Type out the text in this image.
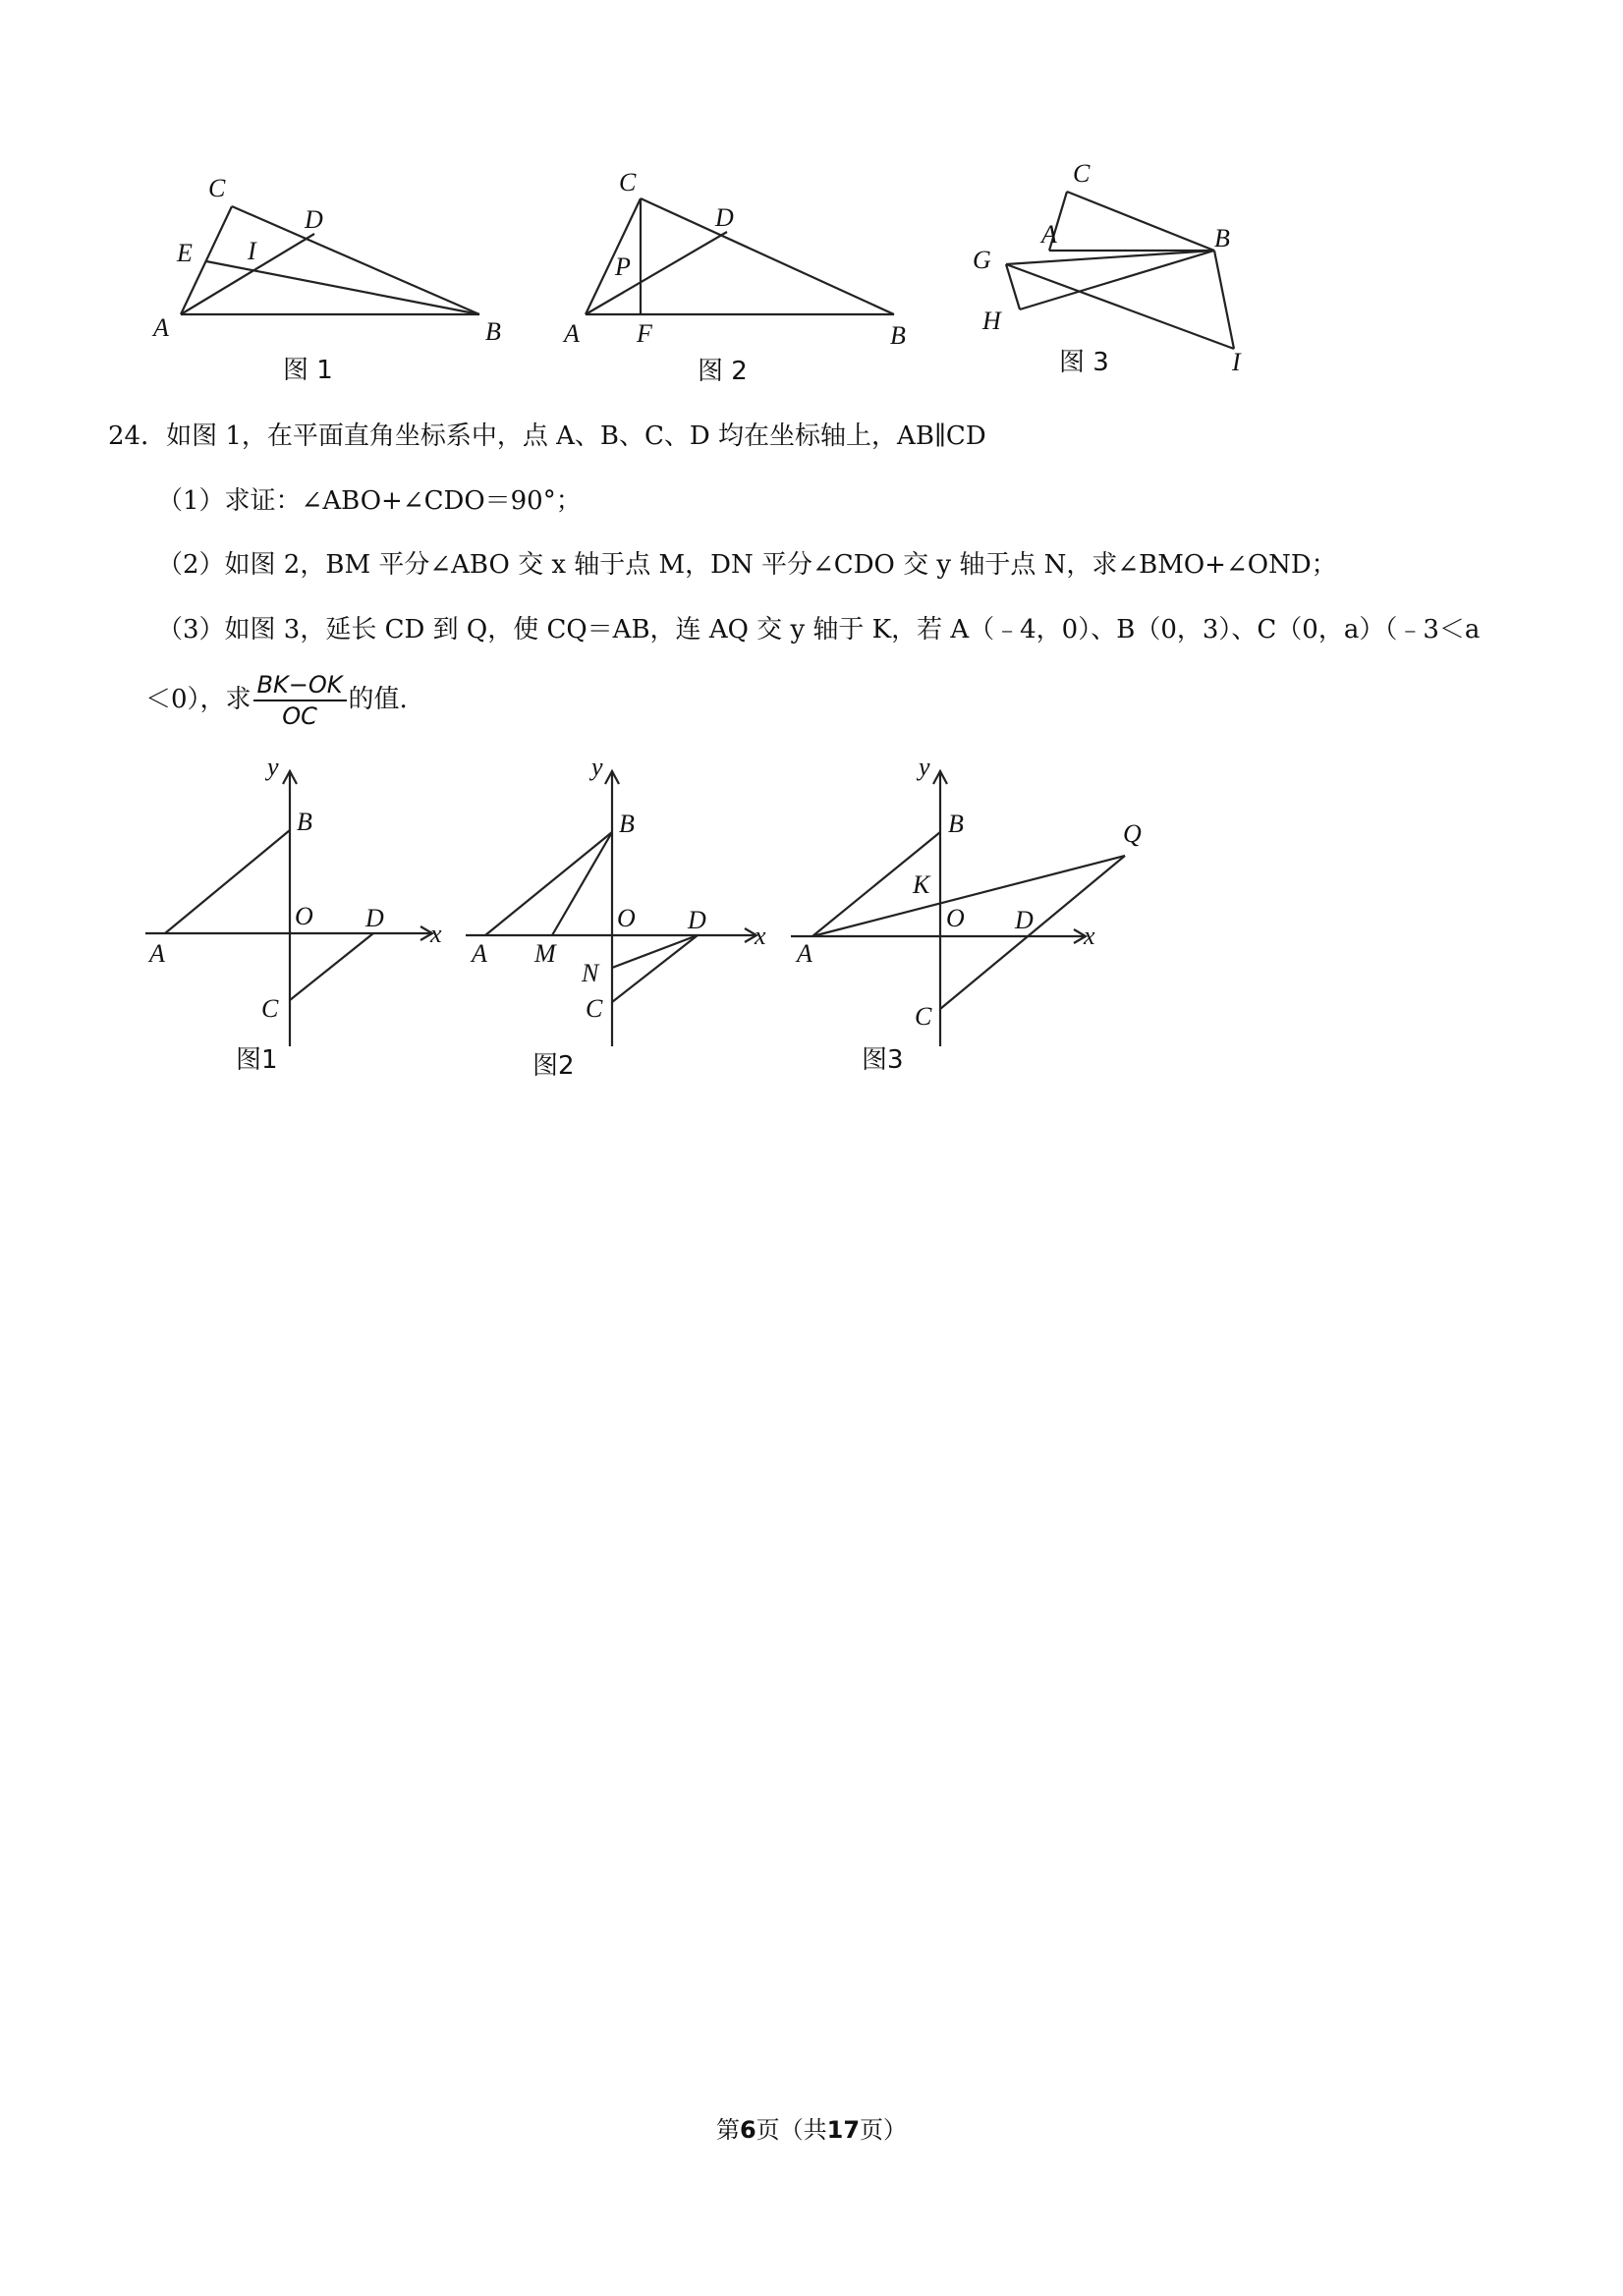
C
D
E I
A	B
图 1
C
D
P
A F	B
图 2
C
A	B
G
H
I
图 3
24．如图 1，在平面直角坐标系中，点 A、B、C、D 均在坐标轴上，AB∥CD
（1）求证：∠ABO+∠CDO＝90°；
（2）如图 2，BM 平分∠ABO 交 x 轴于点 M，DN 平分∠CDO 交 y 轴于点 N，求∠BMO+∠OND；
（3）如图 3，延长 CD 到 Q，使 CQ＝AB，连 AQ 交 y 轴于 K，若 A（﹣4，0）、B（0，3）、C（0，a）（﹣3＜a
＜0），求 $\frac{BK-OK}{OC}$ 的值.
y
B
O D
x
A
C
图1
y
B
O D
x
A M
N
C
图2
y
B	Q
K
O D
x
A
C
图3
第6页（共17页）
